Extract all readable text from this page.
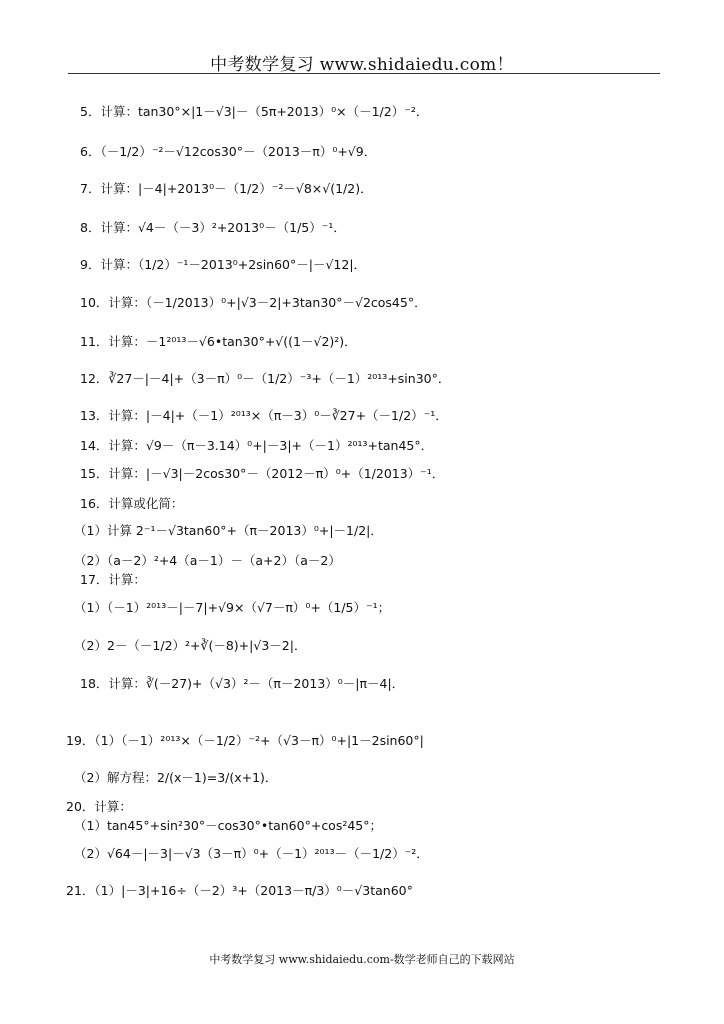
中考数学复习 www.shidaiedu.com！
5．计算：tan30°×|1－√3|－（5π+2013）⁰×（－1/2）⁻²．
6．（－1/2）⁻²－√12cos30°－（2013－π）⁰+√9．
7．计算：|－4|+2013⁰－（1/2）⁻²－√8×√(1/2)．
8．计算：√4－（－3）²+2013⁰－（1/5）⁻¹．
9．计算：（1/2）⁻¹－2013⁰+2sin60°－|－√12|．
10．计算：（－1/2013）⁰+|√3－2|+3tan30°－√2cos45°．
11．计算：－1²⁰¹³－√6•tan30°+√((1－√2)²)．
12．∛27－|－4|+（3－π）⁰－（1/2）⁻³+（－1）²⁰¹³+sin30°．
13．计算：|－4|+（－1）²⁰¹³×（π－3）⁰－∛27+（－1/2）⁻¹．
14．计算：√9－（π－3.14）⁰+|－3|+（－1）²⁰¹³+tan45°．
15．计算：|－√3|－2cos30°－（2012－π）⁰+（1/2013）⁻¹．
16．计算或化简：
（1）计算 2⁻¹－√3tan60°+（π－2013）⁰+|－1/2|．
（2）（a－2）²+4（a－1）－（a+2）（a－2）
17．计算：
（1）（－1）²⁰¹³－|－7|+√9×（√7－π）⁰+（1/5）⁻¹；
（2）2－（－1/2）²+∛(－8)+|√3－2|．
18．计算：∛(－27)+（√3）²－（π－2013）⁰－|π－4|．
19．（1）（－1）²⁰¹³×（－1/2）⁻²+（√3－π）⁰+|1－2sin60°|
（2）解方程：2/(x－1)=3/(x+1)．
20．计算：
（1）tan45°+sin²30°－cos30°•tan60°+cos²45°；
（2）√64－|－3|－√3（3－π）⁰+（－1）²⁰¹³－（－1/2）⁻²．
21．（1）|－3|+16÷（－2）³+（2013－π/3）⁰－√3tan60°
中考数学复习 www.shidaiedu.com-数学老师自己的下载网站
